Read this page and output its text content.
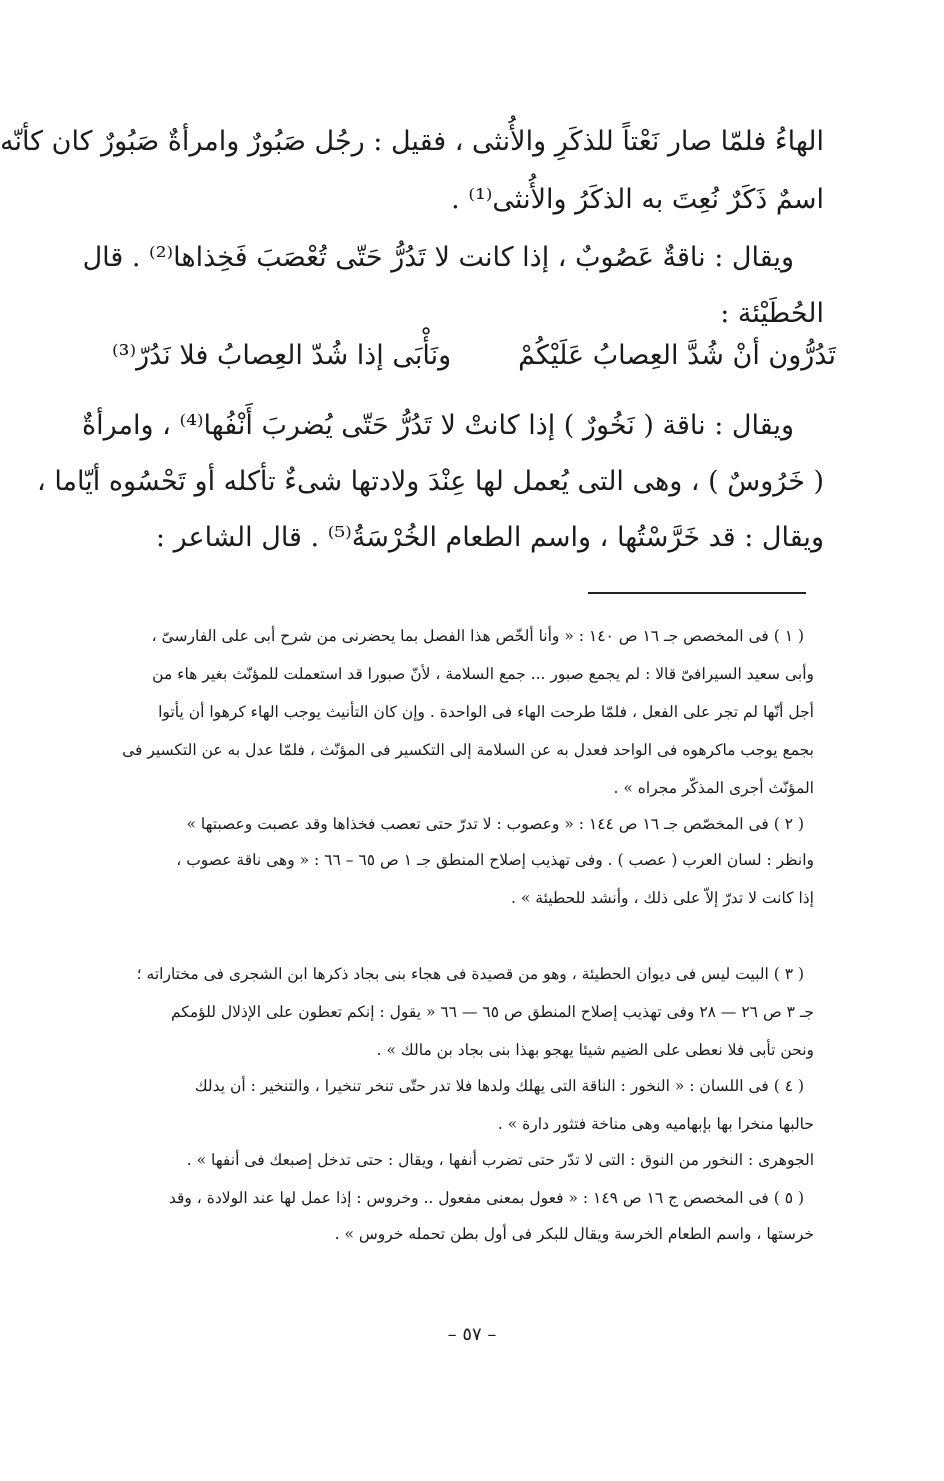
الهاءُ فلمّا صار نَعْتاً للذكَرِ والأُنثى ، فقيل : رجُل صَبُورٌ وامرأةٌ صَبُورٌ كان كأنّه
اسمٌ ذَكَرٌ نُعِتَ به الذكَرُ والأُنثى⁽¹⁾ .
ويقال : ناقةٌ عَصُوبٌ ، إذا كانت لا تَدُرُّ حَتّى تُعْصَبَ فَخِذاها⁽²⁾ . قال
الحُطَيْئة :
تَدُرُّون أنْ شُدَّ العِصابُ عَلَيْكُمْ
ونَأْبَى إذا شُدّ العِصابُ فلا نَدُرّ⁽³⁾
ويقال : ناقة ( نَخُورٌ ) إذا كانتْ لا تَدُرُّ حَتّى يُضربَ أَنْفُها⁽⁴⁾ ، وامرأةٌ
( خَرُوسٌ ) ، وهى التى يُعمل لها عِنْدَ ولادتها شىءٌ تأكله أو تَحْسُوه أيّاما ،
ويقال : قد خَرَّسْتُها ، واسم الطعام الخُرْسَةُ⁽⁵⁾ . قال الشاعر :
( ١ ) فى المخصص جـ ١٦ ص ١٤٠ : « وأنا ألخّص هذا الفصل بما يحضرنى من شرح أبى على الفارسىّ ،
وأبى سعيد السيرافىّ قالا : لم يجمع صبور ... جمع السلامة ، لأنّ صبورا قد استعملت للمؤنّث بغير هاء من
أجل أنّها لم تجر على الفعل ، فلمّا طرحت الهاء فى الواحدة . وإن كان التأنيث يوجب الهاء كرهوا أن يأتوا
بجمع يوجب ماكرهوه فى الواحد فعدل به عن السلامة إلى التكسير فى المؤنّث ، فلمّا عدل به عن التكسير فى
المؤنّث أجرى المذكّر مجراه » .
( ٢ ) فى المخصّص جـ ١٦ ص ١٤٤ : « وعصوب : لا تدرّ حتى تعصب فخذاها وقد عصبت وعصبتها »
وانظر : لسان العرب ( عصب ) . وفى تهذيب إصلاح المنطق جـ ١ ص ٦٥ – ٦٦ : « وهى ناقة عصوب ،
إذا كانت لا تدرّ إلاّ على ذلك ، وأنشد للحطيئة » .
( ٣ ) البيت ليس فى ديوان الحطيئة ، وهو من قصيدة فى هجاء بنى بجاد ذكرها ابن الشجرى فى مختاراته ؛
جـ ٣ ص ٢٦ — ٢٨ وفى تهذيب إصلاح المنطق ص ٦٥ — ٦٦ « يقول : إنكم تعطون على الإذلال للؤمكم
ونحن تأبى فلا نعطى على الضيم شيئا يهجو بهذا بنى بجاد بن مالك » .
( ٤ ) فى اللسان : « النخور : الناقة التى يهلك ولدها فلا تدر حتّى تنخر تنخيرا ، والتنخير : أن يدلك
حالبها منخرا بها بإبهاميه وهى مناخة فتثور دارة » .
الجوهرى : النخور من النوق : التى لا تدّر حتى تضرب أنفها ، ويقال : حتى تدخل إصبعك فى أنفها » .
( ٥ ) فى المخصص ج ١٦ ص ١٤٩ : « فعول بمعنى مفعول .. وخروس : إذا عمل لها عند الولادة ، وقد
خرستها ، واسم الطعام الخرسة ويقال للبكر فى أول بطن تحمله خروس » .
– ٥٧ –
